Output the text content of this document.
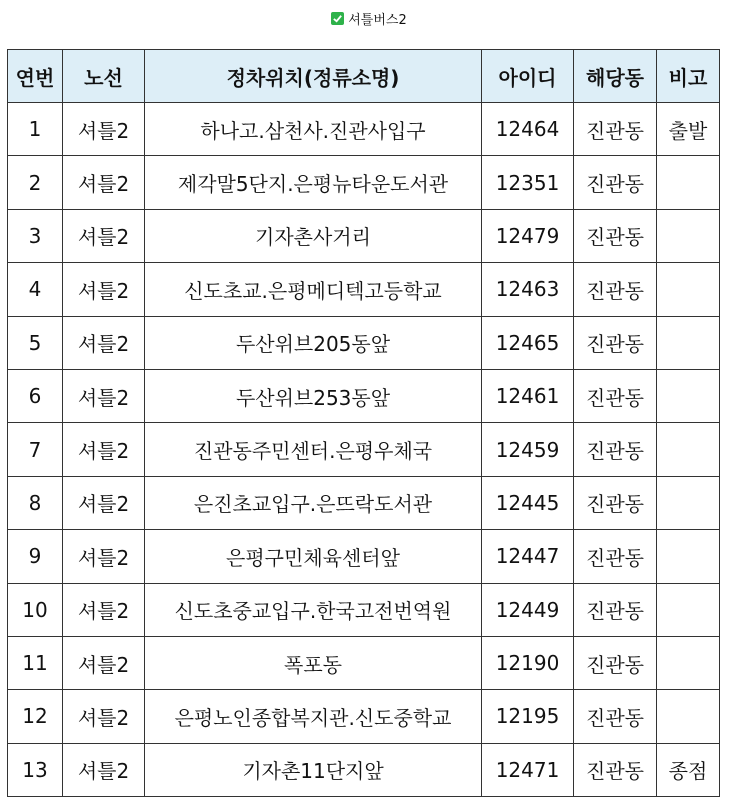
셔틀버스2
연번	노선	정차위치(정류소명)	아이디	해당동	비고
1	셔틀2	하나고.삼천사.진관사입구	12464	진관동	출발
2	셔틀2	제각말5단지.은평뉴타운도서관	12351	진관동	
3	셔틀2	기자촌사거리	12479	진관동	
4	셔틀2	신도초교.은평메디텍고등학교	12463	진관동	
5	셔틀2	두산위브205동앞	12465	진관동	
6	셔틀2	두산위브253동앞	12461	진관동	
7	셔틀2	진관동주민센터.은평우체국	12459	진관동	
8	셔틀2	은진초교입구.은뜨락도서관	12445	진관동	
9	셔틀2	은평구민체육센터앞	12447	진관동	
10	셔틀2	신도초중교입구.한국고전번역원	12449	진관동	
11	셔틀2	폭포동	12190	진관동	
12	셔틀2	은평노인종합복지관.신도중학교	12195	진관동	
13	셔틀2	기자촌11단지앞	12471	진관동	종점
